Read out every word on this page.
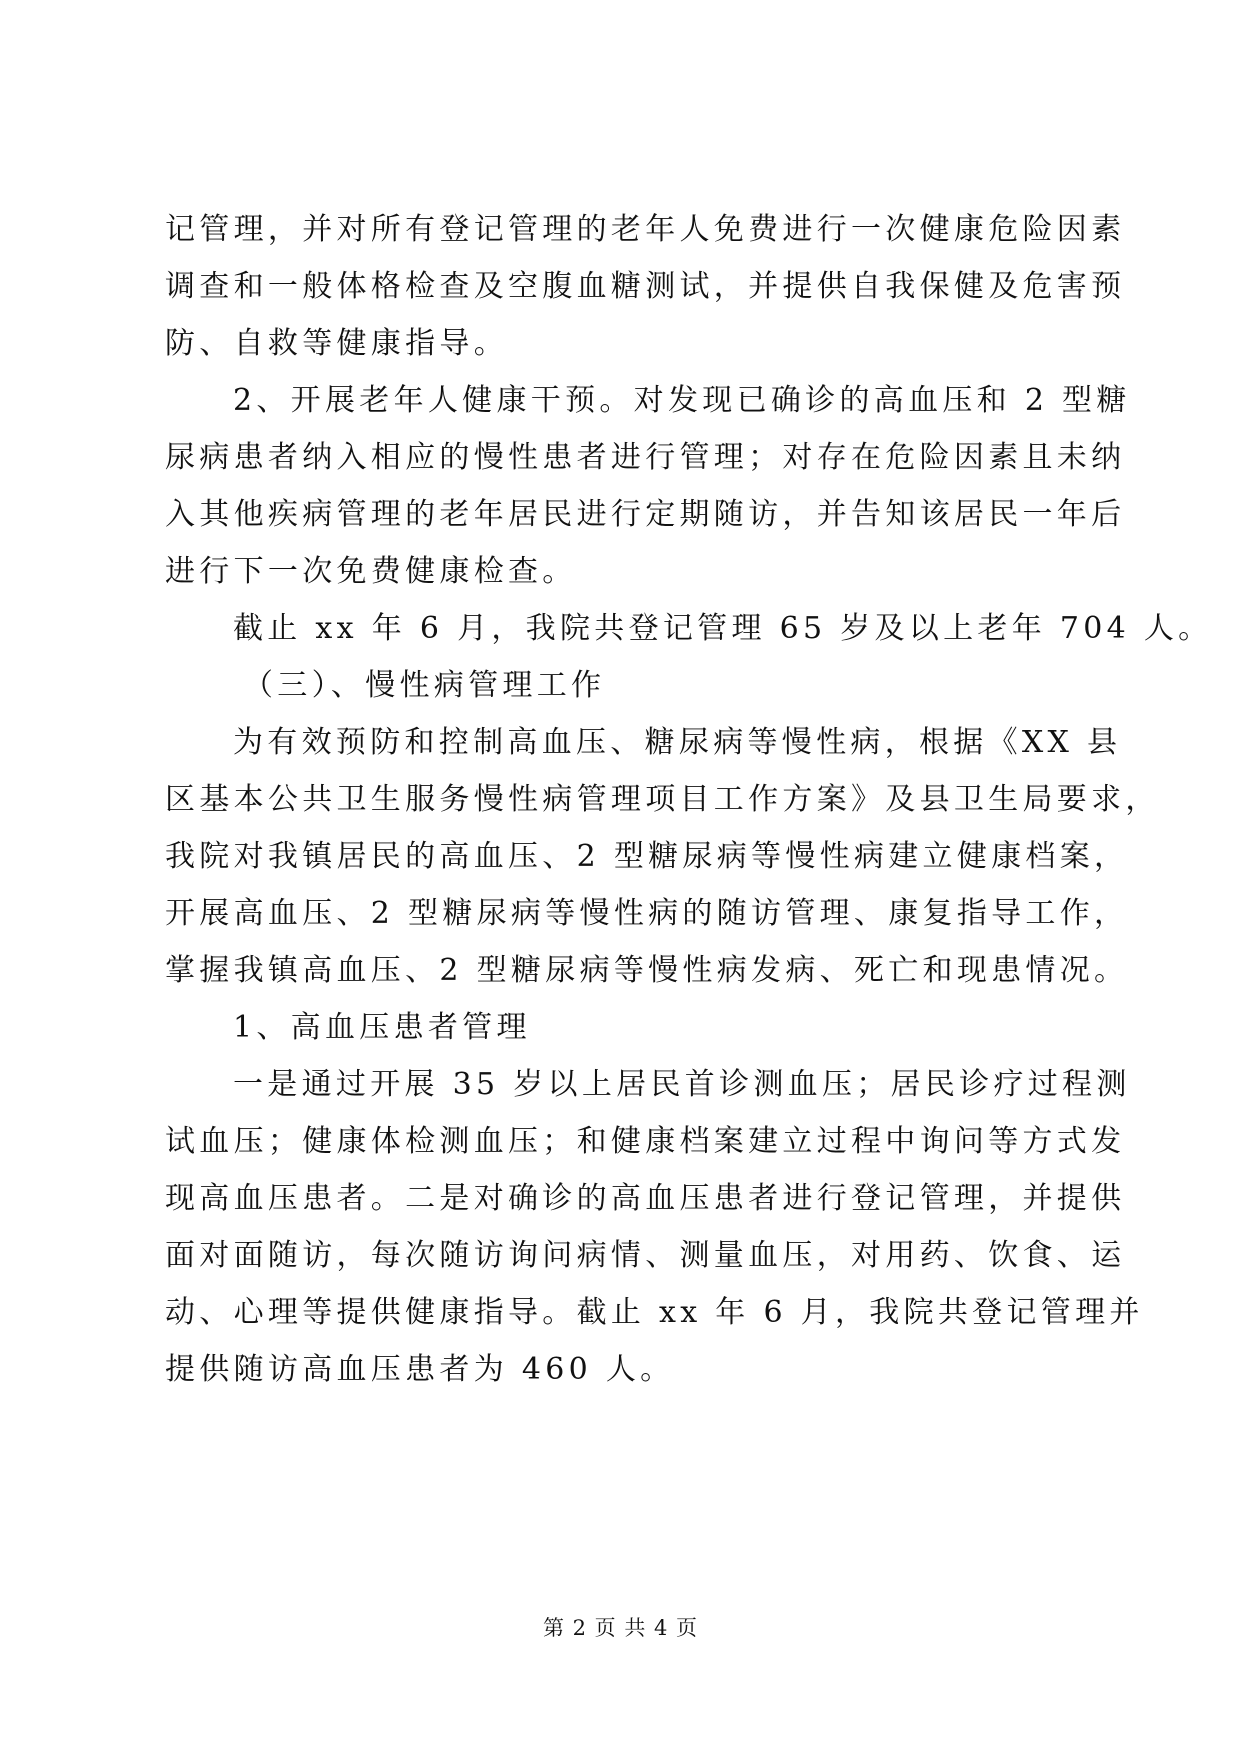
记管理，并对所有登记管理的老年人免费进行一次健康危险因素
调查和一般体格检查及空腹血糖测试，并提供自我保健及危害预
防、自救等健康指导。
2、开展老年人健康干预。对发现已确诊的高血压和 2 型糖
尿病患者纳入相应的慢性患者进行管理；对存在危险因素且未纳
入其他疾病管理的老年居民进行定期随访，并告知该居民一年后
进行下一次免费健康检查。
截止 xx 年 6 月，我院共登记管理 65 岁及以上老年 704 人。
（三）、慢性病管理工作
为有效预防和控制高血压、糖尿病等慢性病，根据《XX 县
区基本公共卫生服务慢性病管理项目工作方案》及县卫生局要求，
我院对我镇居民的高血压、2 型糖尿病等慢性病建立健康档案，
开展高血压、2 型糖尿病等慢性病的随访管理、康复指导工作，
掌握我镇高血压、2 型糖尿病等慢性病发病、死亡和现患情况。
1、高血压患者管理
一是通过开展 35 岁以上居民首诊测血压；居民诊疗过程测
试血压；健康体检测血压；和健康档案建立过程中询问等方式发
现高血压患者。二是对确诊的高血压患者进行登记管理，并提供
面对面随访，每次随访询问病情、测量血压，对用药、饮食、运
动、心理等提供健康指导。截止 xx 年 6 月，我院共登记管理并
提供随访高血压患者为 460 人。
第 2 页 共 4 页
